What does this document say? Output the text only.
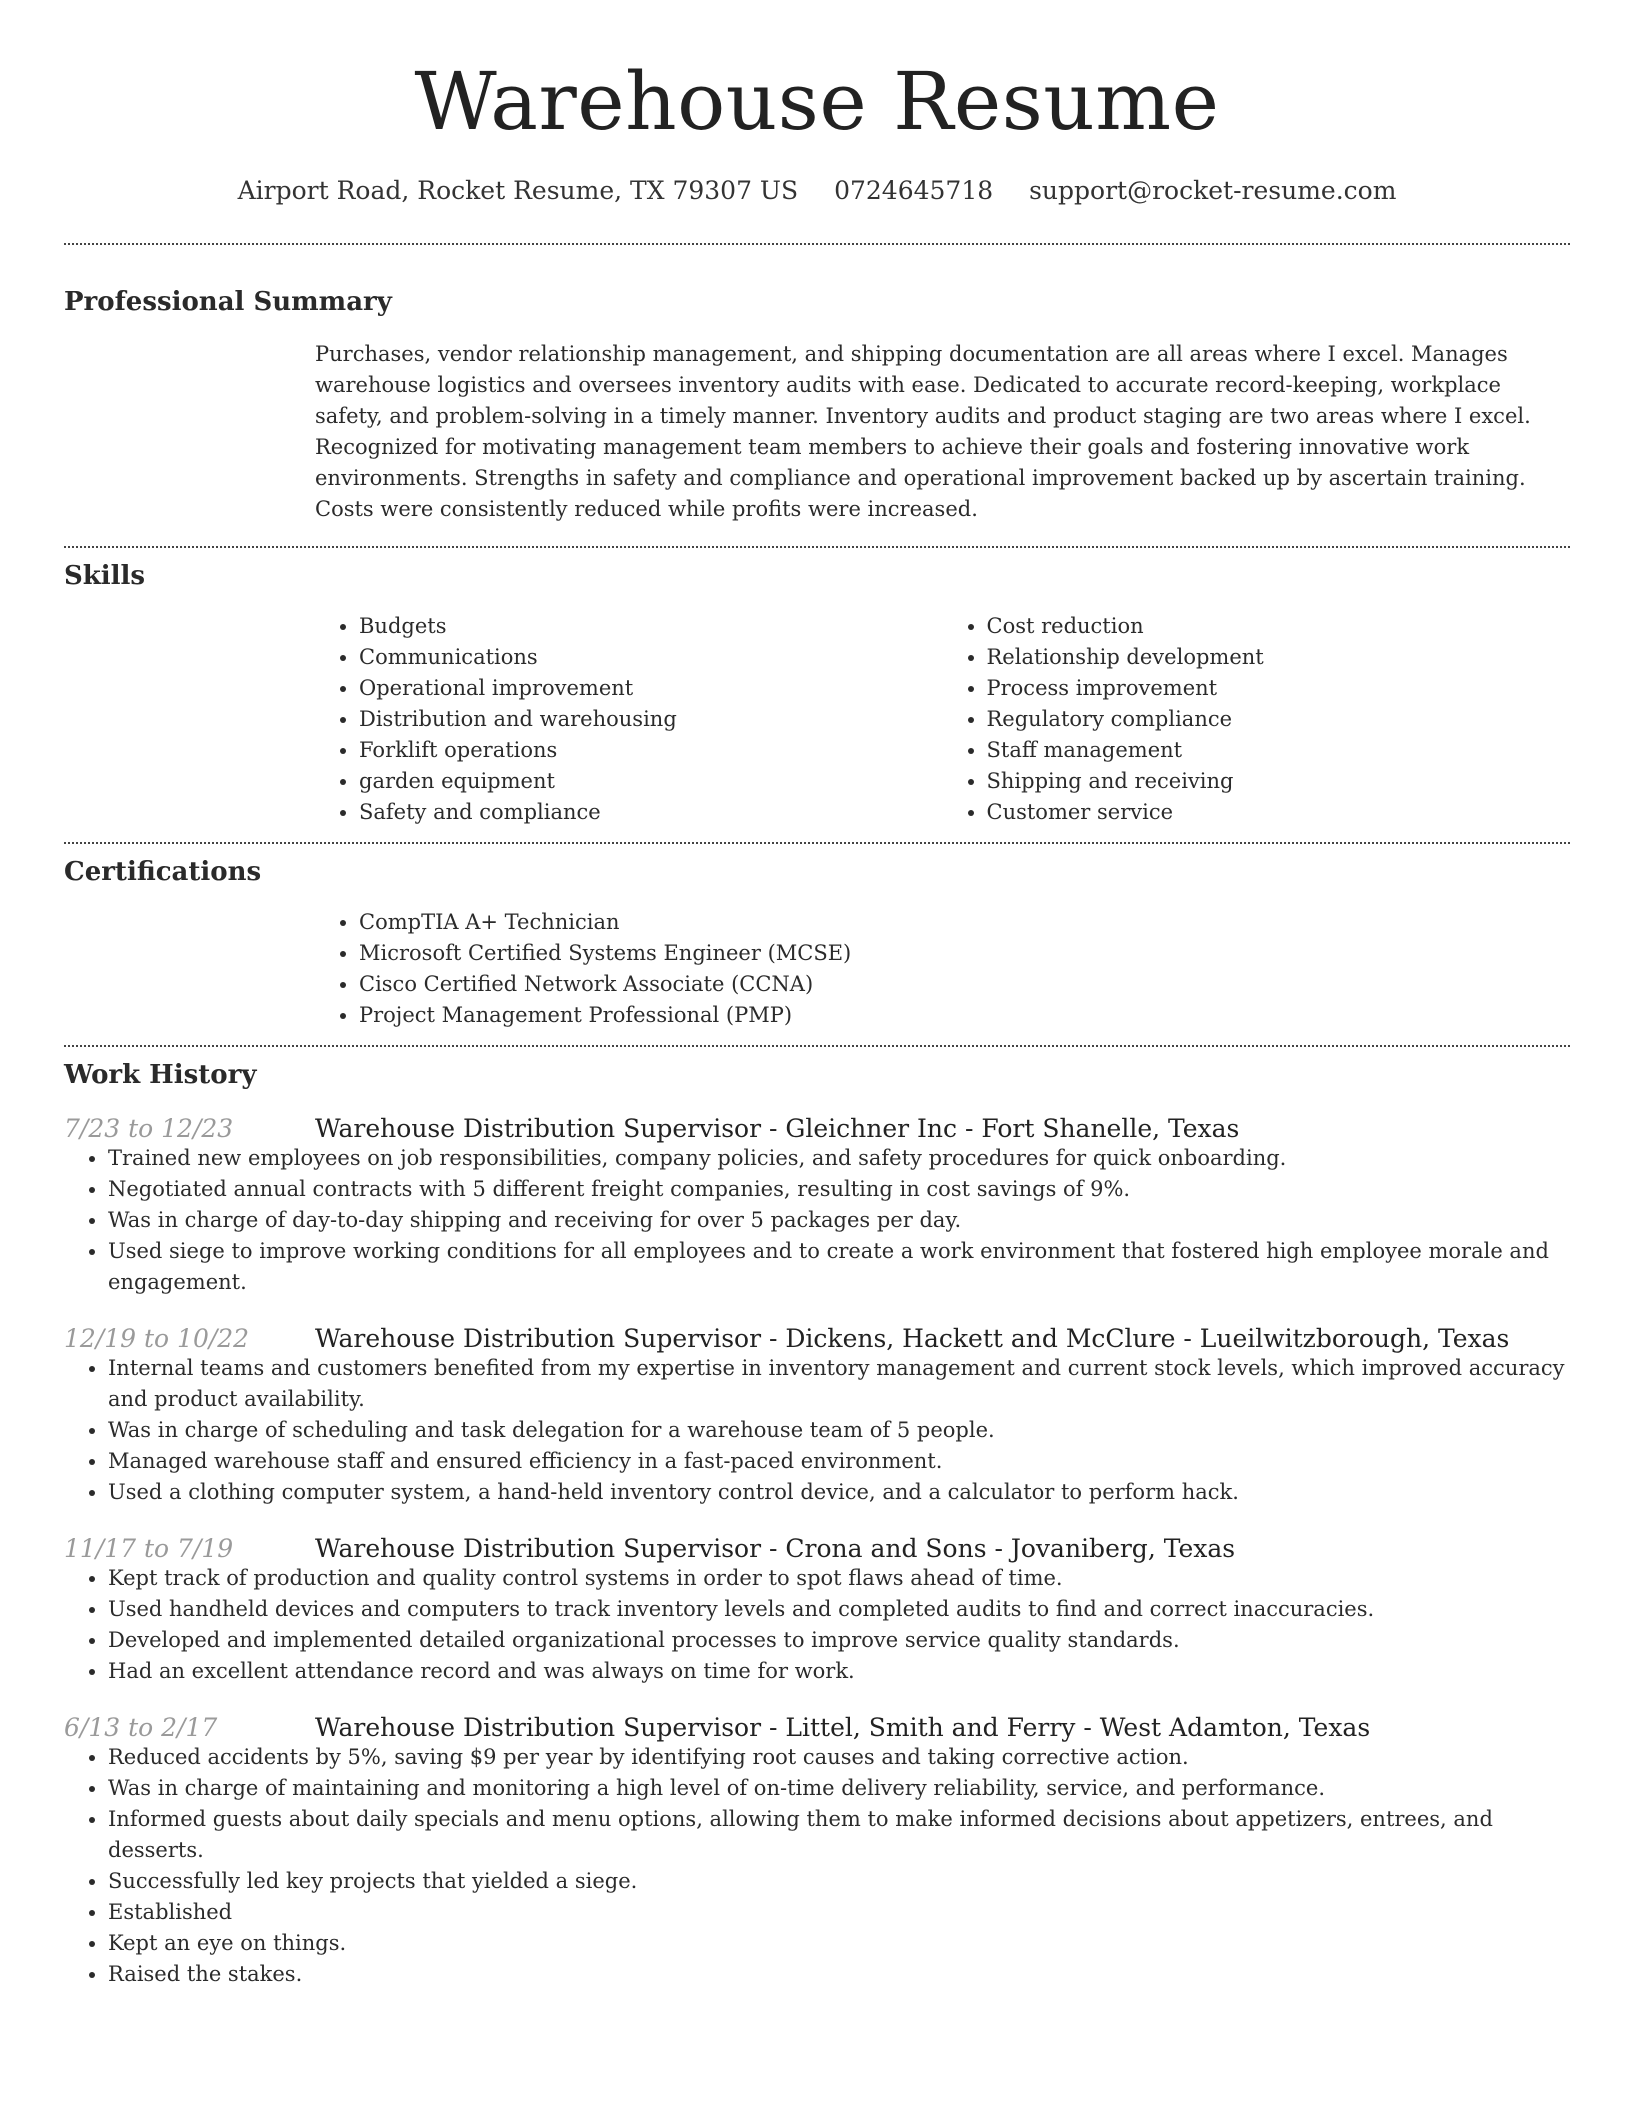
Warehouse Resume
Airport Road, Rocket Resume, TX 79307 US 0724645718 support@rocket-resume.com
Professional Summary

Purchases, vendor relationship management, and shipping documentation are all areas where I excel. Manages warehouse logistics and oversees inventory audits with ease. Dedicated to accurate record-keeping, workplace safety, and problem-solving in a timely manner. Inventory audits and product staging are two areas where I excel. Recognized for motivating management team members to achieve their goals and fostering innovative work environments. Strengths in safety and compliance and operational improvement backed up by ascertain training. Costs were consistently reduced while profits were increased.

Skills
• Budgets
• Communications
• Operational improvement
• Distribution and warehousing
• Forklift operations
• garden equipment
• Safety and compliance
• Cost reduction
• Relationship development
• Process improvement
• Regulatory compliance
• Staff management
• Shipping and receiving
• Customer service
Certifications
• CompTIA A+ Technician
• Microsoft Certified Systems Engineer (MCSE)
• Cisco Certified Network Associate (CCNA)
• Project Management Professional (PMP)
Work History
7/23 to 12/23	Warehouse Distribution Supervisor - Gleichner Inc - Fort Shanelle, Texas
• Trained new employees on job responsibilities, company policies, and safety procedures for quick onboarding.
• Negotiated annual contracts with 5 different freight companies, resulting in cost savings of 9%.
• Was in charge of day-to-day shipping and receiving for over 5 packages per day.
• Used siege to improve working conditions for all employees and to create a work environment that fostered high employee morale and engagement.
12/19 to 10/22	Warehouse Distribution Supervisor - Dickens, Hackett and McClure - Lueilwitzborough, Texas
• Internal teams and customers benefited from my expertise in inventory management and current stock levels, which improved accuracy and product availability.
• Was in charge of scheduling and task delegation for a warehouse team of 5 people.
• Managed warehouse staff and ensured efficiency in a fast-paced environment.
• Used a clothing computer system, a hand-held inventory control device, and a calculator to perform hack.
11/17 to 7/19	Warehouse Distribution Supervisor - Crona and Sons - Jovaniberg, Texas
• Kept track of production and quality control systems in order to spot flaws ahead of time.
• Used handheld devices and computers to track inventory levels and completed audits to find and correct inaccuracies.
• Developed and implemented detailed organizational processes to improve service quality standards.
• Had an excellent attendance record and was always on time for work.
6/13 to 2/17	Warehouse Distribution Supervisor - Littel, Smith and Ferry - West Adamton, Texas
• Reduced accidents by 5%, saving $9 per year by identifying root causes and taking corrective action.
• Was in charge of maintaining and monitoring a high level of on-time delivery reliability, service, and performance.
• Informed guests about daily specials and menu options, allowing them to make informed decisions about appetizers, entrees, and desserts.
• Successfully led key projects that yielded a siege.
• Established
• Kept an eye on things.
• Raised the stakes.
